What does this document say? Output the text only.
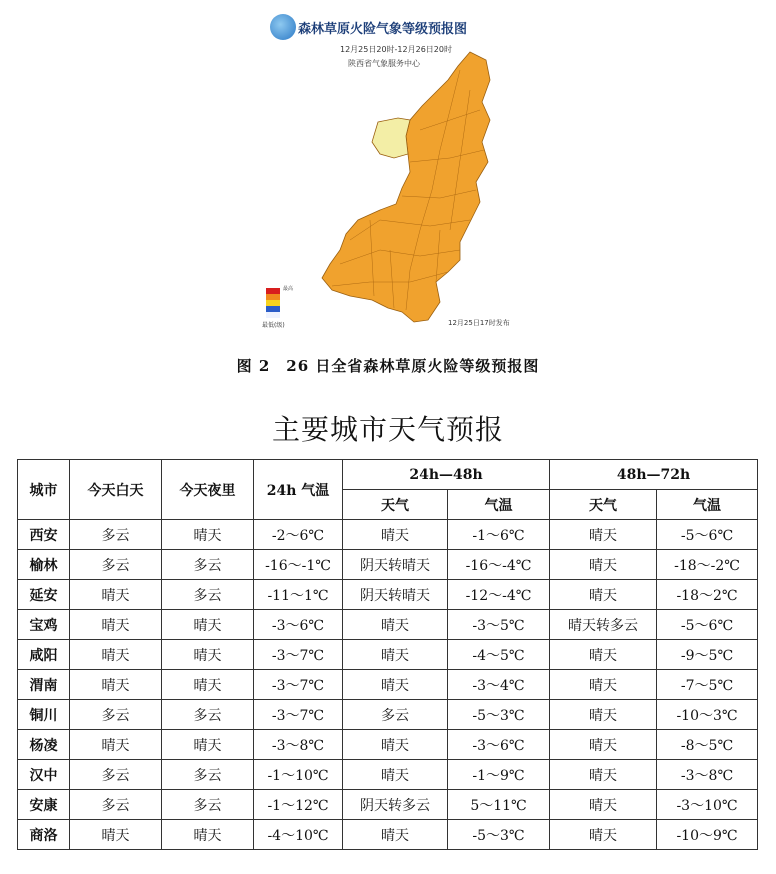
森林草原火险气象等级预报图
12月25日20时-12月26日20时
陕西省气象服务中心
最高
最低(级)	12月25日17时发布
图 2　26 日全省森林草原火险等级预报图
主要城市天气预报
城市	今天白天	今天夜里	24h 气温	24h—48h		48h—72h	
				天气	气温	天气	气温
西安	多云	晴天	-2～6℃	晴天	-1～6℃	晴天	-5～6℃
榆林	多云	多云	-16～-1℃	阴天转晴天	-16～-4℃	晴天	-18～-2℃
延安	晴天	多云	-11～1℃	阴天转晴天	-12～-4℃	晴天	-18～2℃
宝鸡	晴天	晴天	-3～6℃	晴天	-3～5℃	晴天转多云	-5～6℃
咸阳	晴天	晴天	-3～7℃	晴天	-4～5℃	晴天	-9～5℃
渭南	晴天	晴天	-3～7℃	晴天	-3～4℃	晴天	-7～5℃
铜川	多云	多云	-3～7℃	多云	-5～3℃	晴天	-10～3℃
杨凌	晴天	晴天	-3～8℃	晴天	-3～6℃	晴天	-8～5℃
汉中	多云	多云	-1～10℃	晴天	-1～9℃	晴天	-3～8℃
安康	多云	多云	-1～12℃	阴天转多云	5～11℃	晴天	-3～10℃
商洛	晴天	晴天	-4～10℃	晴天	-5～3℃	晴天	-10～9℃
